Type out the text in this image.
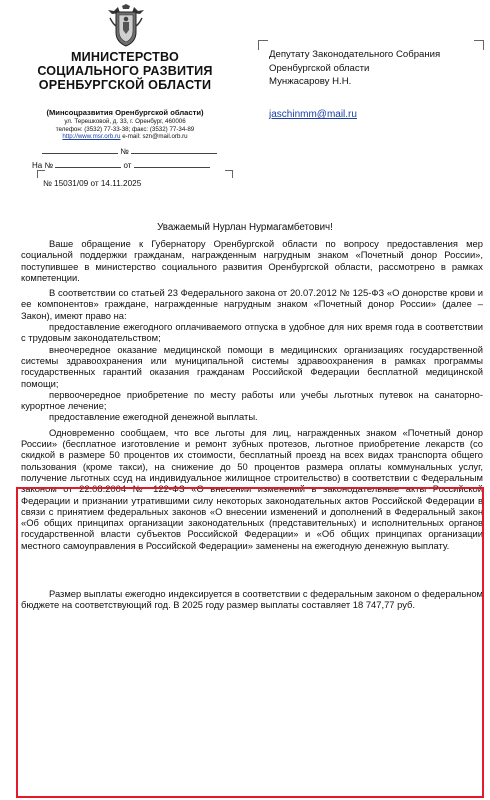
МИНИСТЕРСТВО
СОЦИАЛЬНОГО РАЗВИТИЯ
ОРЕНБУРГСКОЙ ОБЛАСТИ
(Минсоцразвития Оренбургской области)
ул. Терешковой, д. 33, г. Оренбург, 460006
телефон: (3532) 77-33-38; факс: (3532) 77-34-89
http://www.msr.orb.ru e-mail: szn@mail.orb.ru
№
На №	от
№ 15031/09 от 14.11.2025
Депутату Законодательного Собрания
Оренбургской области
Мунжасарову Н.Н.
jaschinmm@mail.ru
Уважаемый Нурлан Нурмагамбетович!

Ваше обращение к Губернатору Оренбургской области по вопросу предоставления мер социальной поддержки гражданам, награжденным нагрудным знаком «Почетный донор России», поступившее в министерство социального развития Оренбургской области, рассмотрено в рамках компетенции.

В соответствии со статьей 23 Федерального закона от 20.07.2012 № 125-ФЗ «О донорстве крови и ее компонентов» граждане, награжденные нагрудным знаком «Почетный донор России» (далее – Закон), имеют право на:

предоставление ежегодного оплачиваемого отпуска в удобное для них время года в соответствии с трудовым законодательством;

внеочередное оказание медицинской помощи в медицинских организациях государственной системы здравоохранения или муниципальной системы здравоохранения в рамках программы государственных гарантий оказания гражданам Российской Федерации бесплатной медицинской помощи;

первоочередное приобретение по месту работы или учебы льготных путевок на санаторно-курортное лечение;

предоставление ежегодной денежной выплаты.

Одновременно сообщаем, что все льготы для лиц, награжденных знаком «Почетный донор России» (бесплатное изготовление и ремонт зубных протезов, льготное приобретение лекарств (со скидкой в размере 50 процентов их стоимости, бесплатный проезд на всех видах транспорта общего пользования (кроме такси), на снижение до 50 процентов размера оплаты коммунальных услуг, получение льготных ссуд на индивидуальное жилищное строительство) в соответствии с Федеральным законом от 22.08.2004 № 122-ФЗ «О внесении изменений в законодательные акты Российской Федерации и признании утратившими силу некоторых законодательных актов Российской Федерации в связи с принятием федеральных законов «О внесении изменений и дополнений в Федеральный закон «Об общих принципах организации законодательных (представительных) и исполнительных органов государственной власти субъектов Российской Федерации» и «Об общих принципах организации местного самоуправления в Российской Федерации» заменены на ежегодную денежную выплату.

Размер выплаты ежегодно индексируется в соответствии с федеральным законом о федеральном бюджете на соответствующий год. В 2025 году размер выплаты составляет 18 747,77 руб.
